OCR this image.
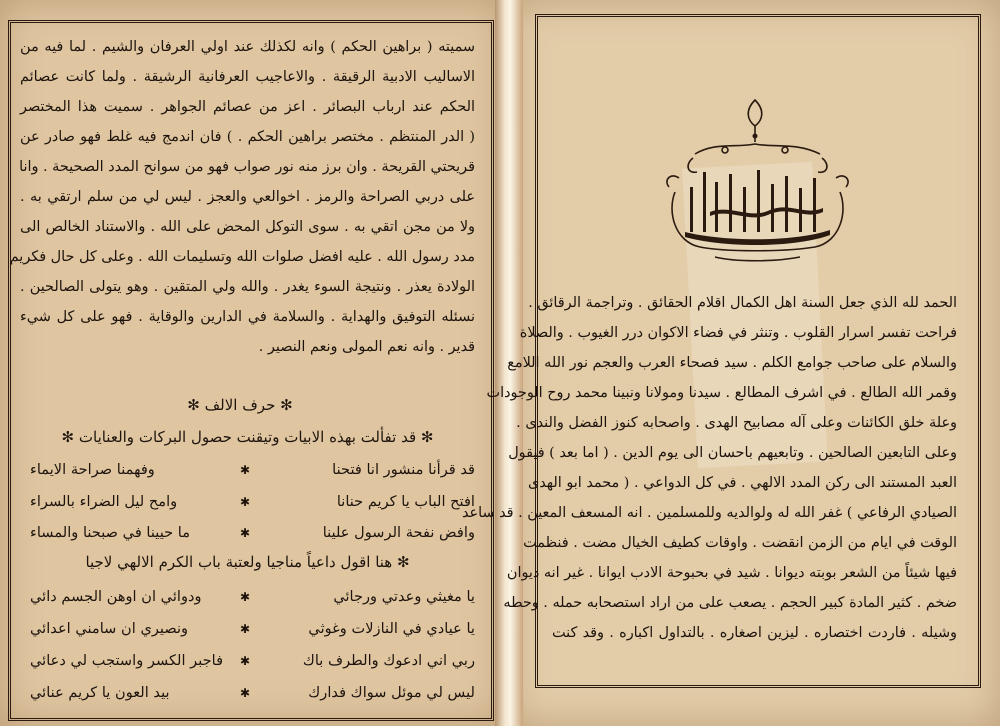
الحمد لله الذي جعل السنة اهل الكمال اقلام الحقائق . وتراجمة الرقائق .
فراحت تفسر اسرار القلوب . وتنثر في فضاء الاكوان درر الغيوب . والصلاة
والسلام على صاحب جوامع الكلم . سيد فصحاء العرب والعجم نور الله اللامع
وقمر الله الطالع . في اشرف المطالع . سيدنا ومولانا ونبينا محمد روح الوجودات
وعلة خلق الكائنات وعلى آله مصابيح الهدى . واصحابه كنوز الفضل والندى .
وعلى التابعين الصالحين . وتابعيهم باحسان الى يوم الدين . ( اما بعد ) فيقول
العبد المستند الى ركن المدد الالهي . في كل الدواعي . ( محمد ابو الهدى
الصيادي الرفاعي ) غفر الله له ولوالديه وللمسلمين . انه المسعف المعين . قد ساعد
الوقت في ايام من الزمن انقضت . واوقات كطيف الخيال مضت . فنظمت
فيها شيئاً من الشعر بوبته ديوانا . شيد في بحبوحة الادب ايوانا . غير انه ديوان
ضخم . كثير المادة كبير الحجم . يصعب على من اراد استصحابه حمله . وحطه
وشيله . فاردت اختصاره . ليزين اصغاره . بالتداول اكباره . وقد كنت
سميته ( براهين الحكم ) وانه لكذلك عند اولي العرفان والشيم . لما فيه من
الاساليب الادبية الرقيقة . والاعاجيب العرفانية الرشيقة . ولما كانت عصائم
الحكم عند ارباب البصائر . اعز من عصائم الجواهر . سميت هذا المختصر
( الدر المنتظم . مختصر براهين الحكم . ) فان اندمج فيه غلط فهو صادر عن
قريحتي القريحة . وان برز منه نور صواب فهو من سوانح المدد الصحيحة . وانا
على دربي الصراحة والرمز . اخوالعي والعجز . ليس لي من سلم ارتقي به .
ولا من مجن اتقي به . سوى التوكل المحض على الله . والاستناد الخالص الى
مدد رسول الله . عليه افضل صلوات الله وتسليمات الله . وعلى كل حال فكريم
الولادة يعذر . ونتيجة السوء يغدر . والله ولي المتقين . وهو يتولى الصالحين .
نسئله التوفيق والهداية . والسلامة في الدارين والوقاية . فهو على كل شيء
قدير . وانه نعم المولى ونعم النصير .
✻ حرف الالف ✻
✻ قد تفألت بهذه الابيات وتيقنت حصول البركات والعنايات ✻
قد قرأنا منشور انا فتحنا
✱
وفهمنا صراحة الايماء
افتح الباب يا كريم حنانا
✱
وامح ليل الضراء بالسراء
وافض نفحة الرسول علينا
✱
ما حيينا في صبحنا والمساء
✻ هنا اقول داعياً مناجيا ولعتبة باب الكرم الالهي لاجيا
يا مغيثي وعدتي ورجائي
✱
ودوائي ان اوهن الجسم دائي
يا عيادي في النازلات وغوثي
✱
ونصيري ان سامني اعدائي
ربي اني ادعوك والطرف باك
✱
فاجبر الكسر واستجب لي دعائي
ليس لي موئل سواك فدارك
✱
بيد العون يا كريم عنائي
